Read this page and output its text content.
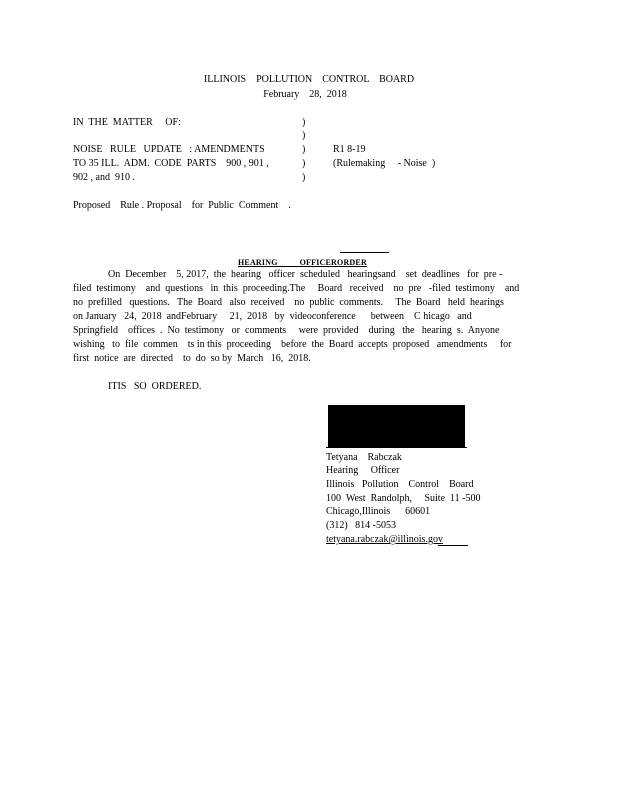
ILLINOIS    POLLUTION    CONTROL    BOARD
February    28,  2018
IN  THE  MATTER     OF:
NOISE   RULE   UPDATE   : AMENDMENTS
TO 35 ILL.  ADM.  CODE  PARTS    900 , 901 ,
902 , and  910 .
)
)
)
)
)
R1 8-19
(Rulemaking     - Noise  )
Proposed    Rule . Proposal    for  Public  Comment    .

HEARING          OFFICERORDER

On  December    5, 2017,  the  hearing   officer  scheduled   hearingsand    set  deadlines   for  pre -
filed  testimony    and  questions   in  this  proceeding.The     Board   received    no  pre   -filed  testimony    and
no  prefilled   questions.   The  Board   also  received    no  public  comments.     The  Board   held  hearings
on January   24,  2018  andFebruary     21,  2018   by  videoconference      between    C hicago   and
Springfield    offices  .  No  testimony   or  comments     were  provided    during   the   hearing  s.  Anyone
wishing   to  file  commen    ts in this  proceeding    before  the  Board  accepts  proposed   amendments     for
first  notice  are  directed    to  do  so by  March   16,  2018.
ITIS   SO  ORDERED.
Tetyana    Rabczak
Hearing     Officer
Illinois   Pollution    Control    Board
100  West  Randolph,     Suite  11 -500
Chicago,Illinois      60601
(312)   814 -5053
tetyana.rabczak@illinois.gov
